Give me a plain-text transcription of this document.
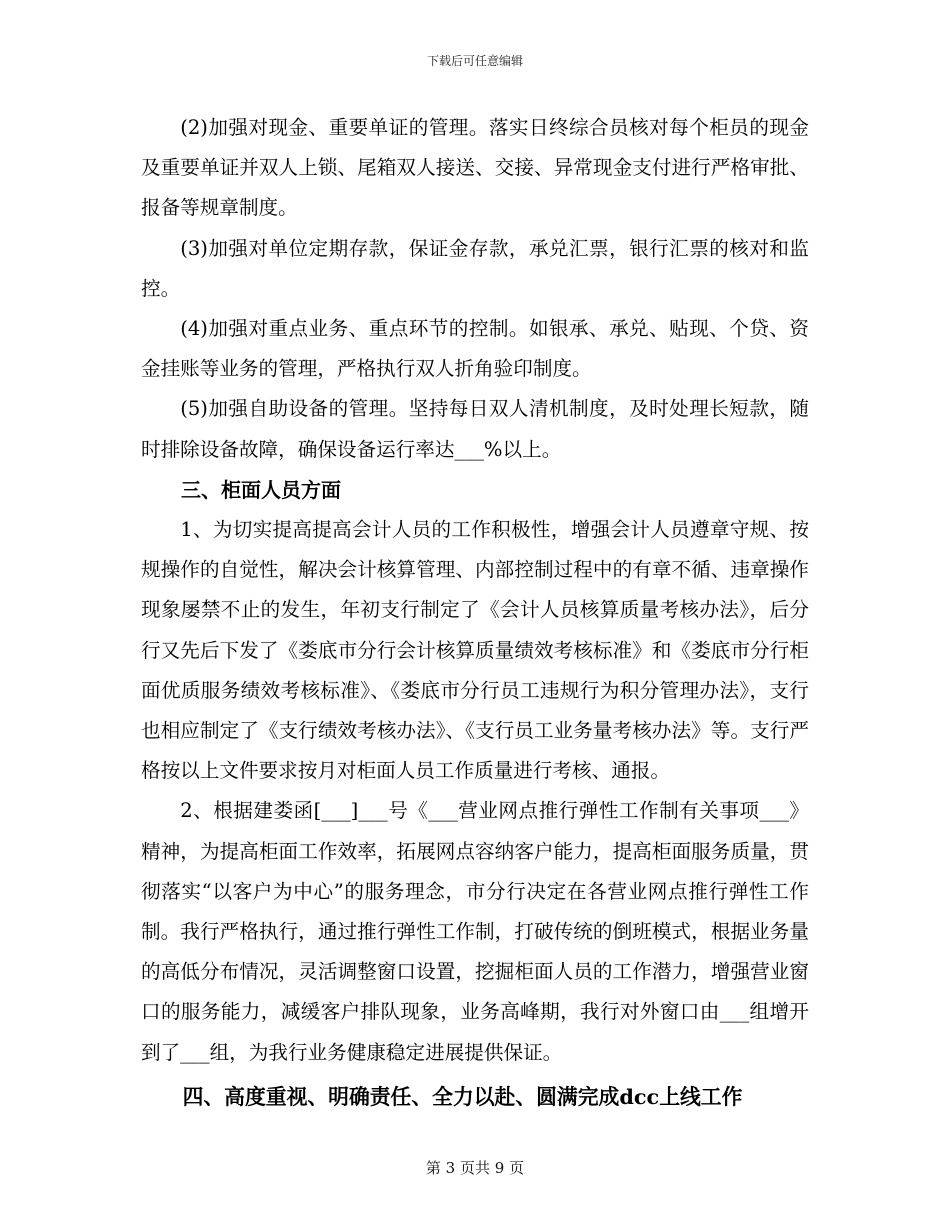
下载后可任意编辑

(2)加强对现金、重要单证的管理。落实日终综合员核对每个柜员的现金及重要单证并双人上锁、尾箱双人接送、交接、异常现金支付进行严格审批、报备等规章制度。

(3)加强对单位定期存款，保证金存款，承兑汇票，银行汇票的核对和监控。

(4)加强对重点业务、重点环节的控制。如银承、承兑、贴现、个贷、资金挂账等业务的管理，严格执行双人折角验印制度。

(5)加强自助设备的管理。坚持每日双人清机制度，及时处理长短款，随时排除设备故障，确保设备运行率达___%以上。

三、柜面人员方面

1、为切实提高提高会计人员的工作积极性，增强会计人员遵章守规、按规操作的自觉性，解决会计核算管理、内部控制过程中的有章不循、违章操作现象屡禁不止的发生，年初支行制定了《会计人员核算质量考核办法》，后分行又先后下发了《娄底市分行会计核算质量绩效考核标准》和《娄底市分行柜面优质服务绩效考核标准》、《娄底市分行员工违规行为积分管理办法》，支行也相应制定了《支行绩效考核办法》、《支行员工业务量考核办法》等。支行严格按以上文件要求按月对柜面人员工作质量进行考核、通报。

2、根据建娄函[___]___号《___营业网点推行弹性工作制有关事项___》精神，为提高柜面工作效率，拓展网点容纳客户能力，提高柜面服务质量，贯彻落实“以客户为中心”的服务理念，市分行决定在各营业网点推行弹性工作制。我行严格执行，通过推行弹性工作制，打破传统的倒班模式，根据业务量的高低分布情况，灵活调整窗口设置，挖掘柜面人员的工作潜力，增强营业窗口的服务能力，减缓客户排队现象，业务高峰期，我行对外窗口由___组增开到了___组，为我行业务健康稳定进展提供保证。

四、高度重视、明确责任、全力以赴、圆满完成dcc上线工作

第 3 页共 9 页
